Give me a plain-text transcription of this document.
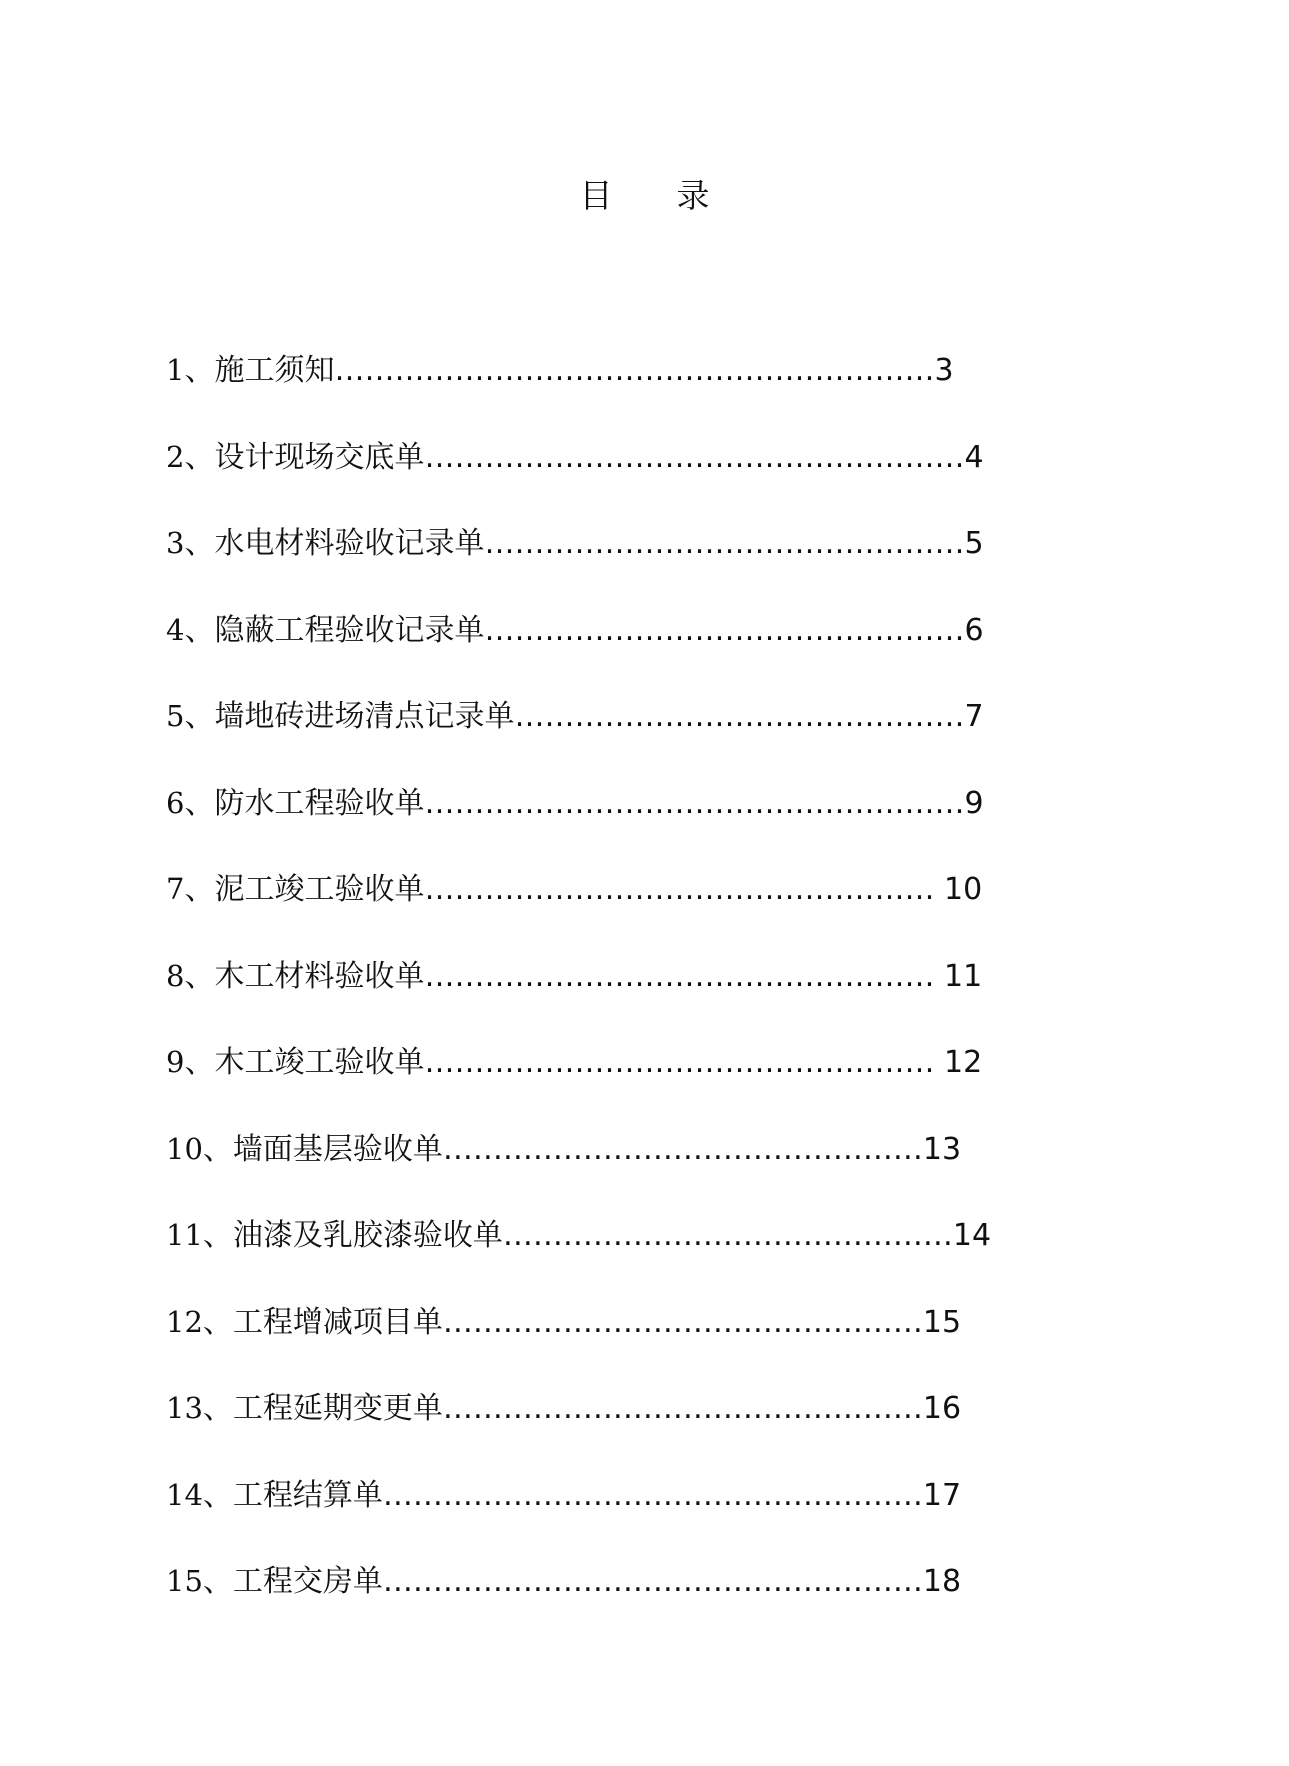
目 录
1、施工须知……………………………………………………3
2、设计现场交底单………………………………………………4
3、水电材料验收记录单…………………………………………5
4、隐蔽工程验收记录单…………………………………………6
5、墙地砖进场清点记录单………………………………………7
6、防水工程验收单………………………………………………9
7、泥工竣工验收单…………………………………………… 10
8、木工材料验收单…………………………………………… 11
9、木工竣工验收单…………………………………………… 12
10、墙面基层验收单…………………………………………13
11、油漆及乳胶漆验收单………………………………………14
12、工程增减项目单…………………………………………15
13、工程延期变更单…………………………………………16
14、工程结算单………………………………………………17
15、工程交房单………………………………………………18
